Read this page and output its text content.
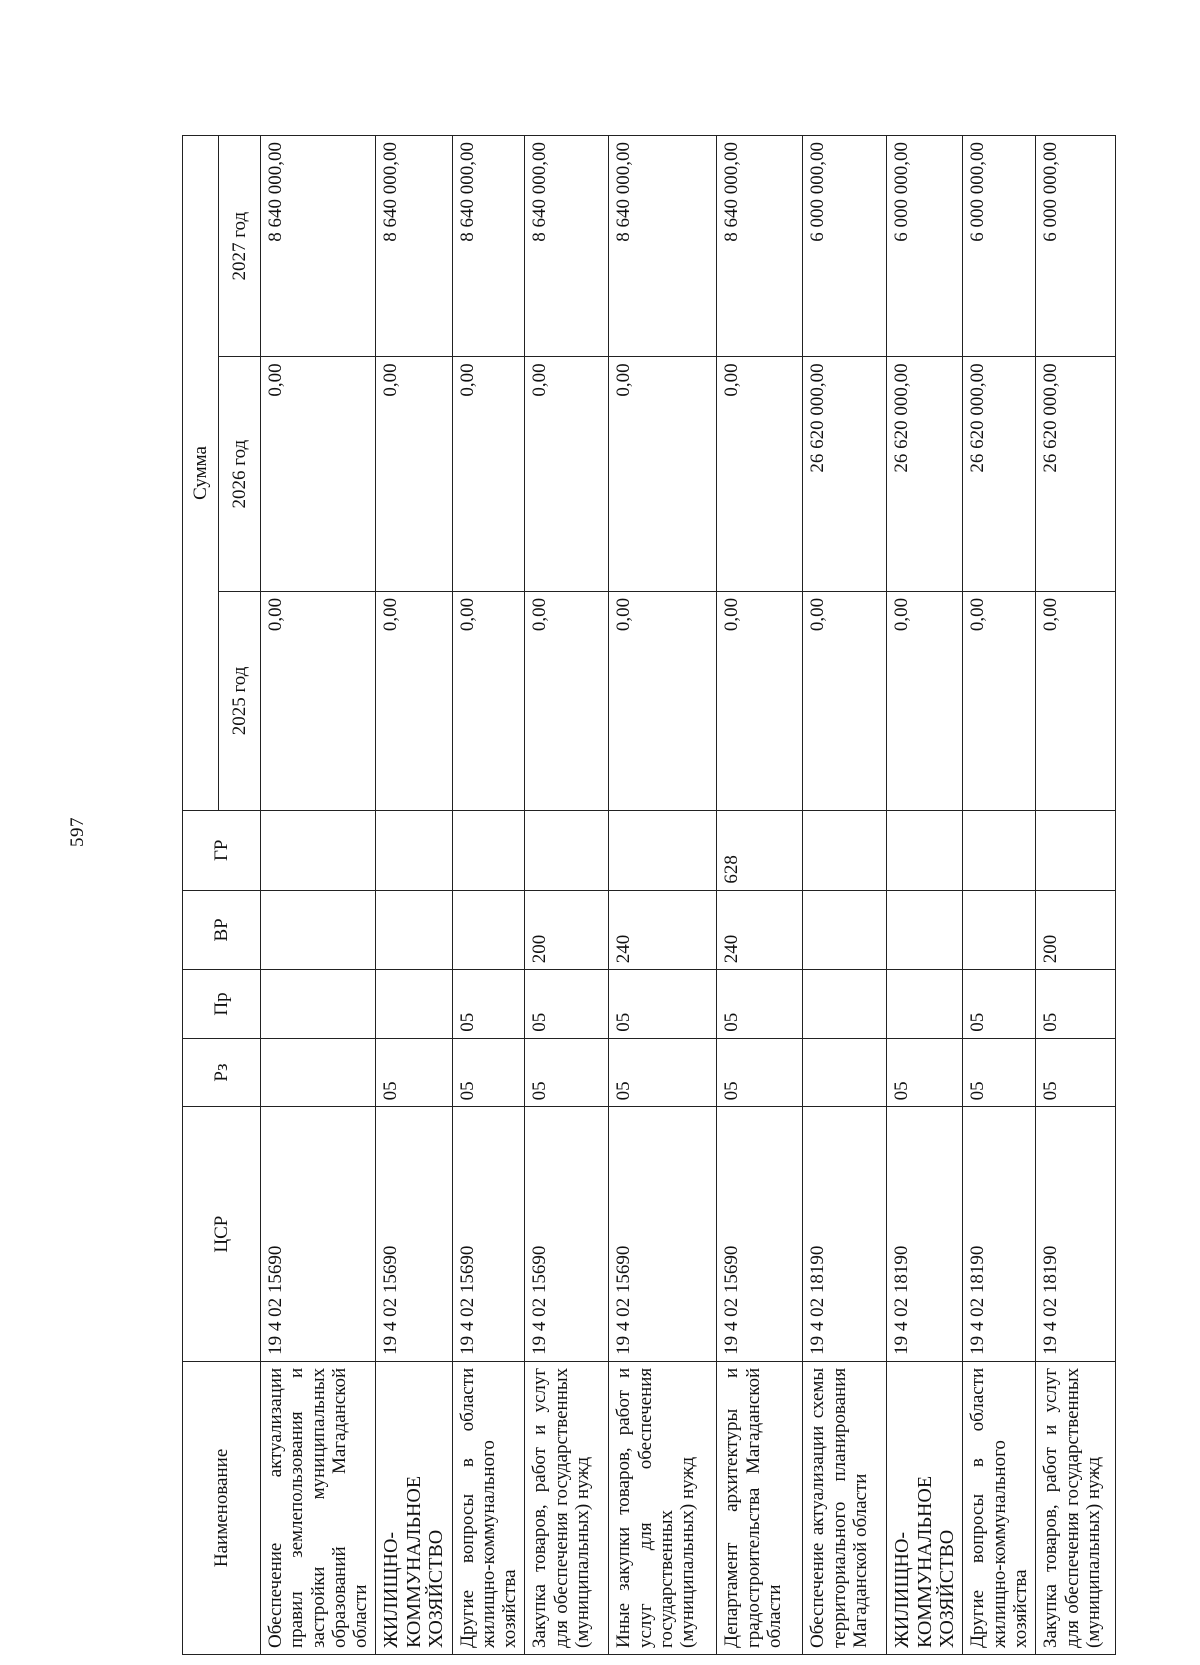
597
Наименование	ЦСР	Рз	Пр	ВР	ГР	Сумма		
						2025 год	2026 год	2027 год
Обеспечение актуализации правил землепользования и застройки муниципальных образований Магаданской области	19 4 02 15690					0,00	0,00	8 640 000,00
ЖИЛИЩНО-КОММУНАЛЬНОЕ ХОЗЯЙСТВО	19 4 02 15690	05				0,00	0,00	8 640 000,00
Другие вопросы в области жилищно-коммунального хозяйства	19 4 02 15690	05	05			0,00	0,00	8 640 000,00
Закупка товаров, работ и услуг для обеспечения государственных (муниципальных) нужд	19 4 02 15690	05	05	200		0,00	0,00	8 640 000,00
Иные закупки товаров, работ и услуг для обеспечения государственных (муниципальных) нужд	19 4 02 15690	05	05	240		0,00	0,00	8 640 000,00
Департамент архитектуры и градостроительства Магаданской области	19 4 02 15690	05	05	240	628	0,00	0,00	8 640 000,00
Обеспечение актуализации схемы территориального планирования Магаданской области	19 4 02 18190					0,00	26 620 000,00	6 000 000,00
ЖИЛИЩНО-КОММУНАЛЬНОЕ ХОЗЯЙСТВО	19 4 02 18190	05				0,00	26 620 000,00	6 000 000,00
Другие вопросы в области жилищно-коммунального хозяйства	19 4 02 18190	05	05			0,00	26 620 000,00	6 000 000,00
Закупка товаров, работ и услуг для обеспечения государственных (муниципальных) нужд	19 4 02 18190	05	05	200		0,00	26 620 000,00	6 000 000,00
